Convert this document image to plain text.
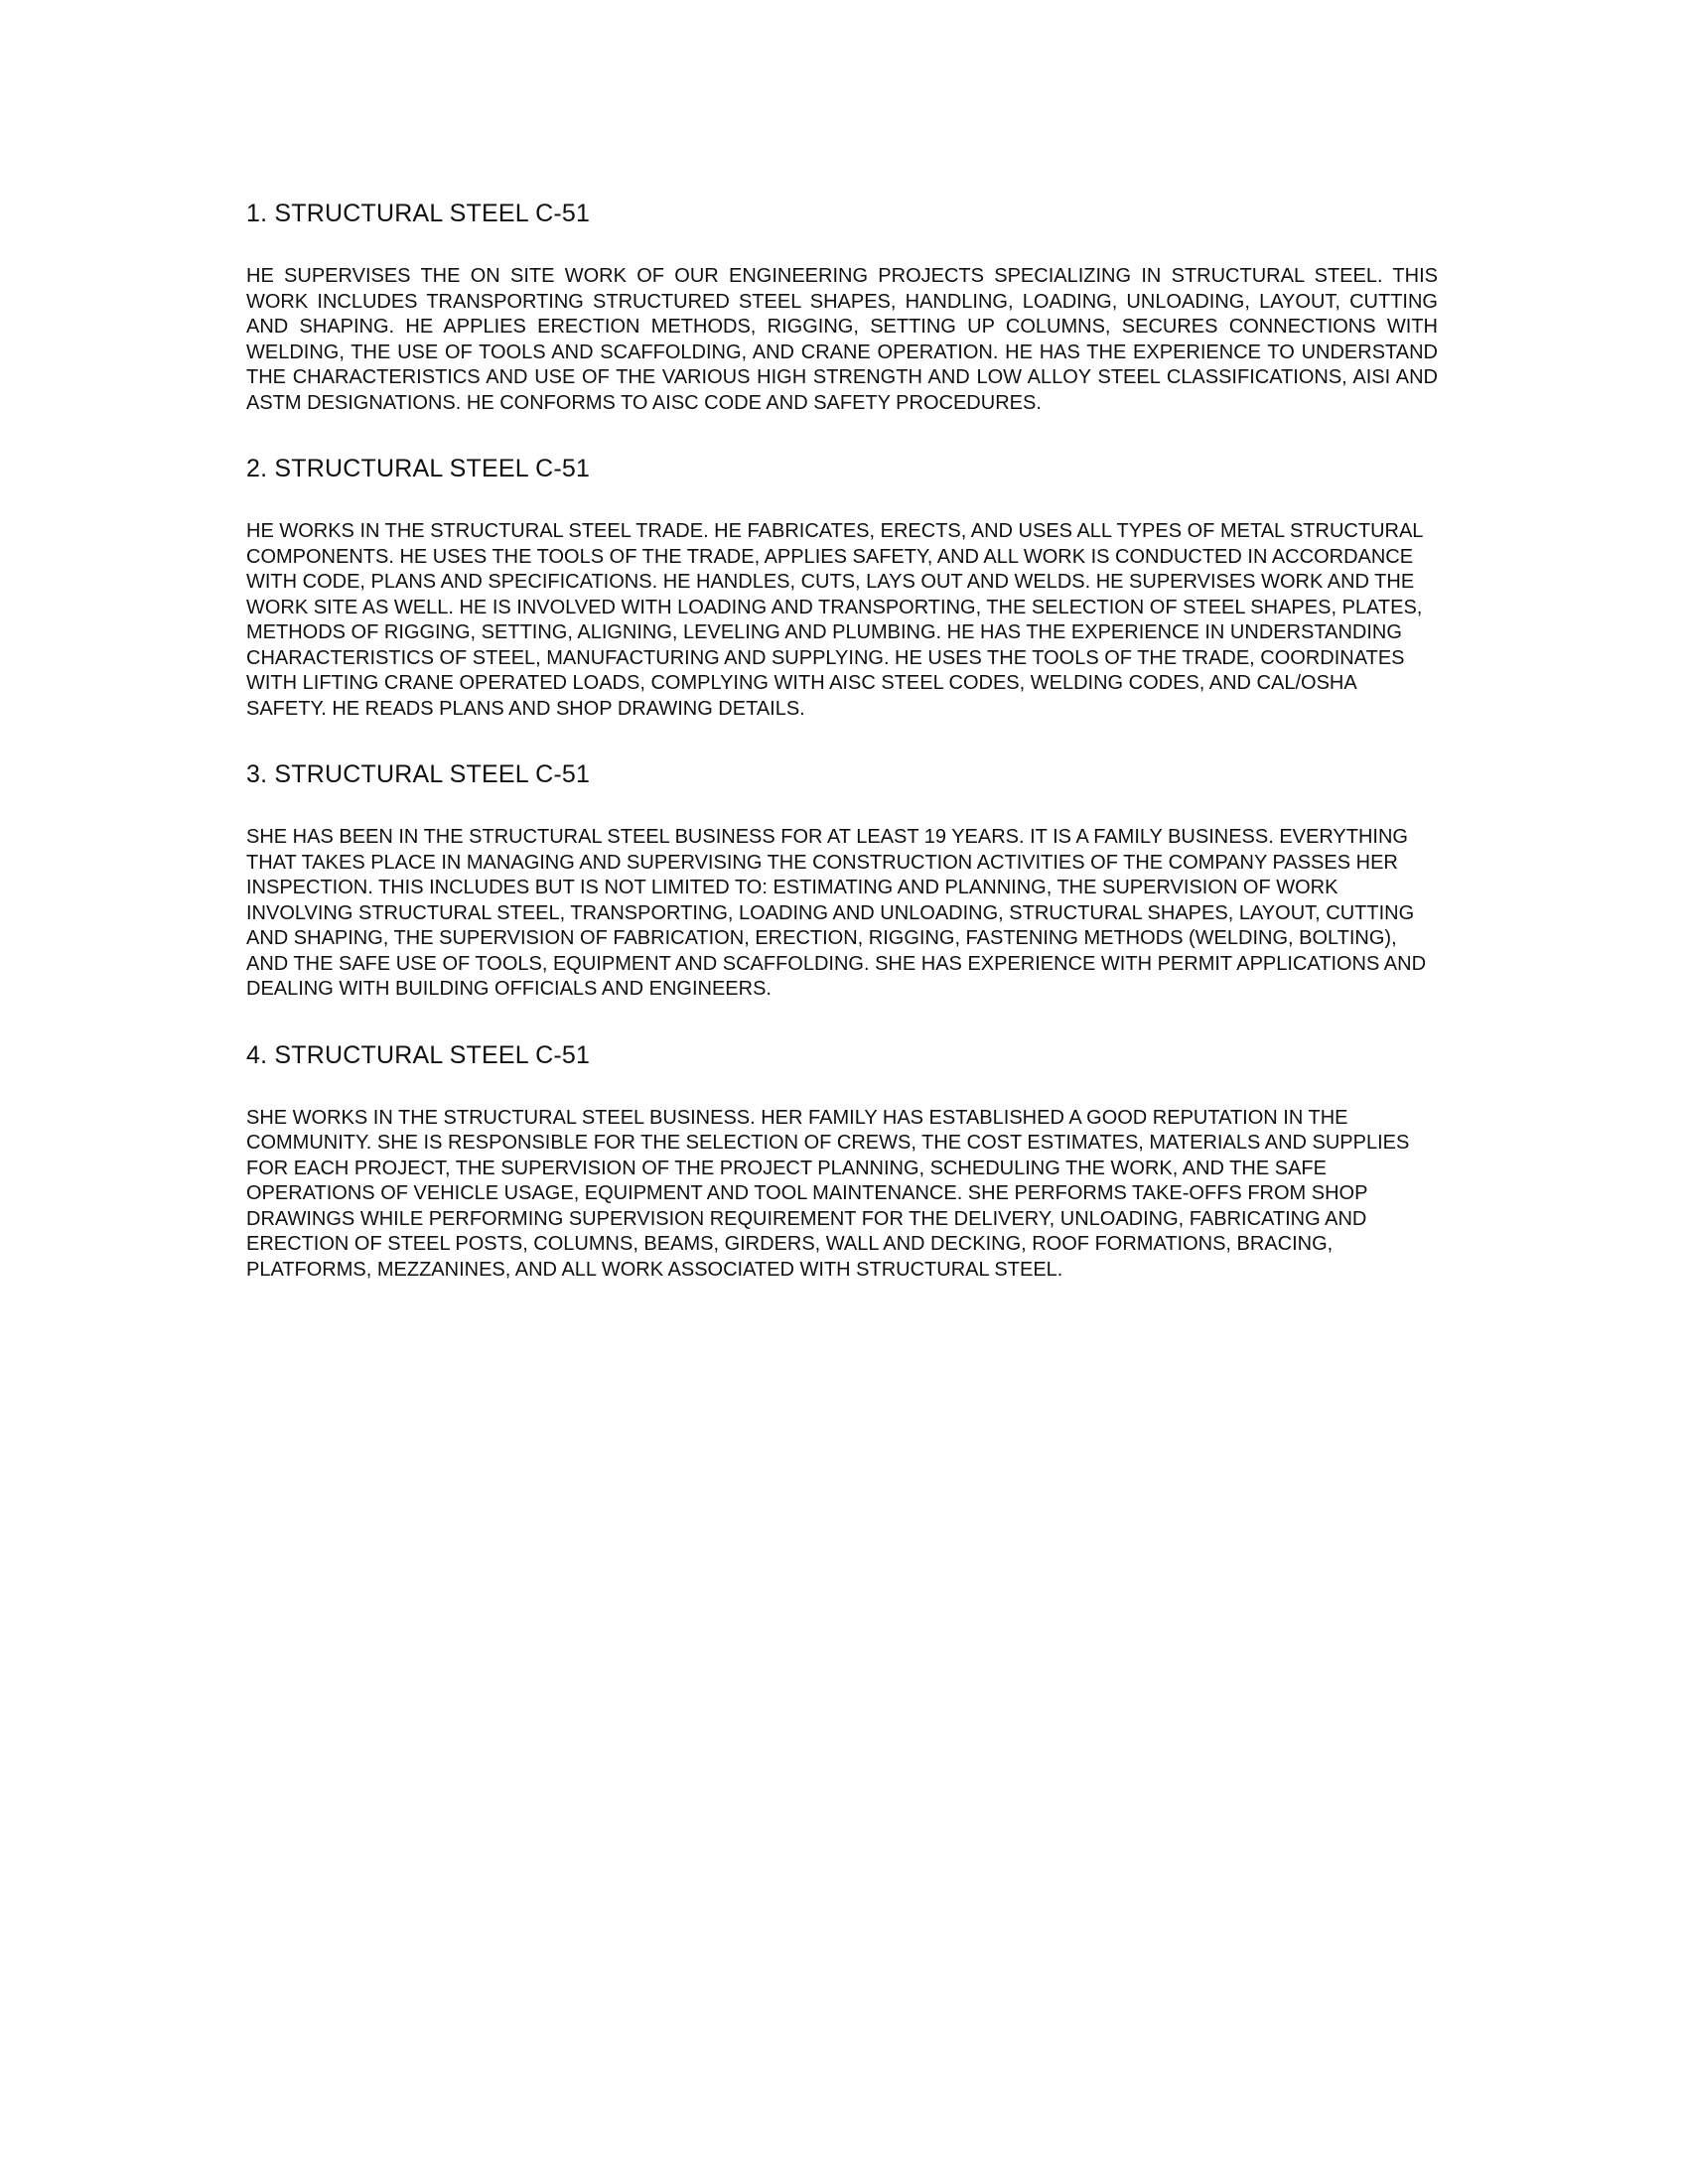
1. STRUCTURAL STEEL C-51

HE SUPERVISES THE ON SITE WORK OF OUR ENGINEERING PROJECTS SPECIALIZING IN STRUCTURAL STEEL. THIS WORK INCLUDES TRANSPORTING STRUCTURED STEEL SHAPES, HANDLING, LOADING, UNLOADING, LAYOUT, CUTTING AND SHAPING. HE APPLIES ERECTION METHODS, RIGGING, SETTING UP COLUMNS, SECURES CONNECTIONS WITH WELDING, THE USE OF TOOLS AND SCAFFOLDING, AND CRANE OPERATION. HE HAS THE EXPERIENCE TO UNDERSTAND THE CHARACTERISTICS AND USE OF THE VARIOUS HIGH STRENGTH AND LOW ALLOY STEEL CLASSIFICATIONS, AISI AND ASTM DESIGNATIONS. HE CONFORMS TO AISC CODE AND SAFETY PROCEDURES.

2. STRUCTURAL STEEL C-51

HE WORKS IN THE STRUCTURAL STEEL TRADE. HE FABRICATES, ERECTS, AND USES ALL TYPES OF METAL STRUCTURAL COMPONENTS. HE USES THE TOOLS OF THE TRADE, APPLIES SAFETY, AND ALL WORK IS CONDUCTED IN ACCORDANCE WITH CODE, PLANS AND SPECIFICATIONS. HE HANDLES, CUTS, LAYS OUT AND WELDS. HE SUPERVISES WORK AND THE WORK SITE AS WELL. HE IS INVOLVED WITH LOADING AND TRANSPORTING, THE SELECTION OF STEEL SHAPES, PLATES, METHODS OF RIGGING, SETTING, ALIGNING, LEVELING AND PLUMBING. HE HAS THE EXPERIENCE IN UNDERSTANDING CHARACTERISTICS OF STEEL, MANUFACTURING AND SUPPLYING. HE USES THE TOOLS OF THE TRADE, COORDINATES WITH LIFTING CRANE OPERATED LOADS, COMPLYING WITH AISC STEEL CODES, WELDING CODES, AND CAL/OSHA SAFETY. HE READS PLANS AND SHOP DRAWING DETAILS.

3. STRUCTURAL STEEL C-51

SHE HAS BEEN IN THE STRUCTURAL STEEL BUSINESS FOR AT LEAST 19 YEARS. IT IS A FAMILY BUSINESS. EVERYTHING THAT TAKES PLACE IN MANAGING AND SUPERVISING THE CONSTRUCTION ACTIVITIES OF THE COMPANY PASSES HER INSPECTION. THIS INCLUDES BUT IS NOT LIMITED TO: ESTIMATING AND PLANNING, THE SUPERVISION OF WORK INVOLVING STRUCTURAL STEEL, TRANSPORTING, LOADING AND UNLOADING, STRUCTURAL SHAPES, LAYOUT, CUTTING AND SHAPING, THE SUPERVISION OF FABRICATION, ERECTION, RIGGING, FASTENING METHODS (WELDING, BOLTING), AND THE SAFE USE OF TOOLS, EQUIPMENT AND SCAFFOLDING. SHE HAS EXPERIENCE WITH PERMIT APPLICATIONS AND DEALING WITH BUILDING OFFICIALS AND ENGINEERS.

4. STRUCTURAL STEEL C-51

SHE WORKS IN THE STRUCTURAL STEEL BUSINESS. HER FAMILY HAS ESTABLISHED A GOOD REPUTATION IN THE COMMUNITY. SHE IS RESPONSIBLE FOR THE SELECTION OF CREWS, THE COST ESTIMATES, MATERIALS AND SUPPLIES FOR EACH PROJECT, THE SUPERVISION OF THE PROJECT PLANNING, SCHEDULING THE WORK, AND THE SAFE OPERATIONS OF VEHICLE USAGE, EQUIPMENT AND TOOL MAINTENANCE. SHE PERFORMS TAKE-OFFS FROM SHOP DRAWINGS WHILE PERFORMING SUPERVISION REQUIREMENT FOR THE DELIVERY, UNLOADING, FABRICATING AND ERECTION OF STEEL POSTS, COLUMNS, BEAMS, GIRDERS, WALL AND DECKING, ROOF FORMATIONS, BRACING, PLATFORMS, MEZZANINES, AND ALL WORK ASSOCIATED WITH STRUCTURAL STEEL.
